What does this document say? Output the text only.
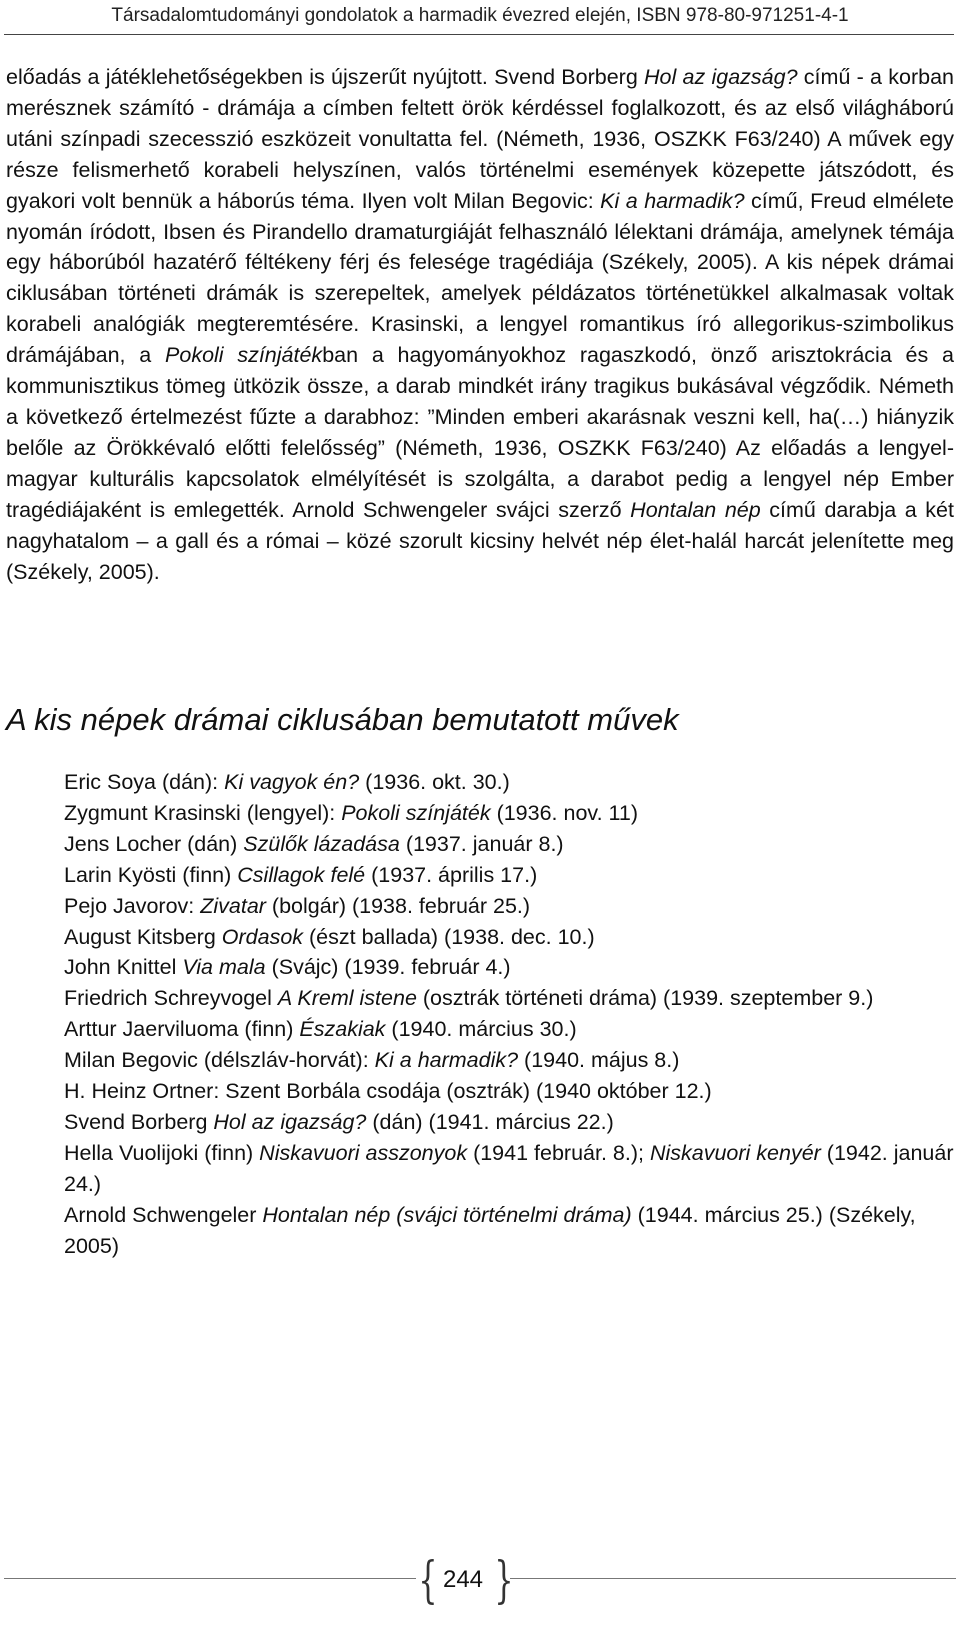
Társadalomtudományi gondolatok a harmadik évezred elején, ISBN 978-80-971251-4-1

előadás a játéklehetőségekben is újszerűt nyújtott. Svend Borberg Hol az igazság? című - a korban merésznek számító - drámája a címben feltett örök kérdéssel foglalkozott, és az első világháború utáni színpadi szecesszió eszközeit vonultatta fel. (Németh, 1936, OSZKK F63/240) A művek egy része felismerhető korabeli helyszínen, valós történelmi események közepette játszódott, és gyakori volt bennük a háborús téma. Ilyen volt Milan Begovic: Ki a harmadik? című, Freud elmélete nyomán íródott, Ibsen és Pirandello dramaturgiáját felhasználó lélektani drámája, amelynek témája egy háborúból hazatérő féltékeny férj és felesége tragédiája (Székely, 2005). A kis népek drámai ciklusában történeti drámák is szerepeltek, amelyek példázatos történetükkel alkalmasak voltak korabeli analógiák megteremtésére. Krasinski, a lengyel romantikus író allegorikus-szimbolikus drámájában, a Pokoli színjátékban a hagyományokhoz ragaszkodó, önző arisztokrácia és a kommunisztikus tömeg ütközik össze, a darab mindkét irány tragikus bukásával végződik. Németh a következő értelmezést fűzte a darabhoz: ”Minden emberi akarásnak veszni kell, ha(…) hiányzik belőle az Örökkévaló előtti felelősség” (Németh, 1936, OSZKK F63/240) Az előadás a lengyel-magyar kulturális kapcsolatok elmélyítését is szolgálta, a darabot pedig a lengyel nép Ember tragédiájaként is emlegették. Arnold Schwengeler svájci szerző Hontalan nép című darabja a két nagyhatalom – a gall és a római – közé szorult kicsiny helvét nép élet-halál harcát jelenítette meg (Székely, 2005).

A kis népek drámai ciklusában bemutatott művek
Eric Soya (dán): Ki vagyok én? (1936. okt. 30.)
Zygmunt Krasinski (lengyel): Pokoli színjáték (1936. nov. 11)
Jens Locher (dán) Szülők lázadása (1937. január 8.)
Larin Kyösti (finn) Csillagok felé (1937. április 17.)
Pejo Javorov: Zivatar (bolgár) (1938. február 25.)
August Kitsberg Ordasok (észt ballada) (1938. dec. 10.)
John Knittel Via mala (Svájc) (1939. február 4.)
Friedrich Schreyvogel A Kreml istene (osztrák történeti dráma) (1939. szeptember 9.)
Arttur Jaerviluoma (finn) Északiak (1940. március 30.)
Milan Begovic (délszláv-horvát): Ki a harmadik? (1940. május 8.)
H. Heinz Ortner: Szent Borbála csodája (osztrák) (1940 október 12.)
Svend Borberg Hol az igazság? (dán) (1941. március 22.)
Hella Vuolijoki (finn) Niskavuori asszonyok (1941 február. 8.); Niskavuori kenyér (1942. január 24.)
Arnold Schwengeler Hontalan nép (svájci történelmi dráma) (1944. március 25.) (Székely, 2005)
{ 244 }
